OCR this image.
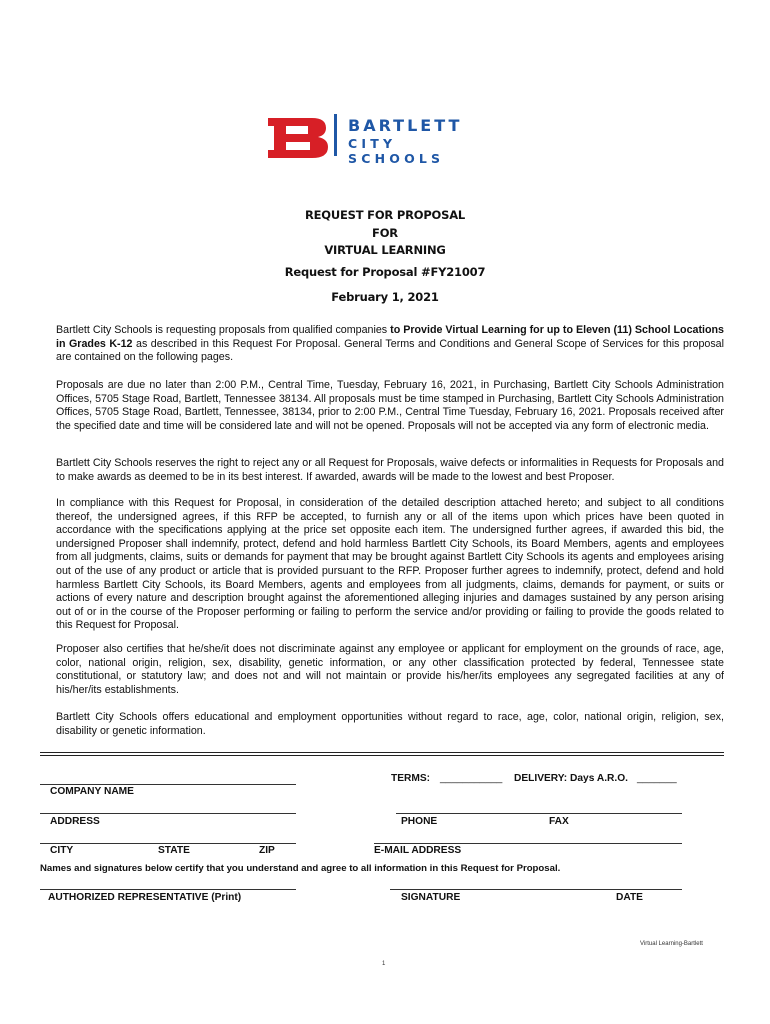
BARTLETT
CITY SCHOOLS
REQUEST FOR PROPOSAL
FOR
VIRTUAL LEARNING
Request for Proposal #FY21007
February 1, 2021
Bartlett City Schools is requesting proposals from qualified companies to Provide Virtual Learning for up to Eleven (11) School Locations in Grades K-12 as described in this Request For Proposal. General Terms and Conditions and General Scope of Services for this proposal are contained on the following pages.
Proposals are due no later than 2:00 P.M., Central Time, Tuesday, February 16, 2021, in Purchasing, Bartlett City Schools Administration Offices, 5705 Stage Road, Bartlett, Tennessee 38134. All proposals must be time stamped in Purchasing, Bartlett City Schools Administration Offices, 5705 Stage Road, Bartlett, Tennessee, 38134, prior to 2:00 P.M., Central Time Tuesday, February 16, 2021. Proposals received after the specified date and time will be considered late and will not be opened. Proposals will not be accepted via any form of electronic media.
Bartlett City Schools reserves the right to reject any or all Request for Proposals, waive defects or informalities in Requests for Proposals and to make awards as deemed to be in its best interest. If awarded, awards will be made to the lowest and best Proposer.
In compliance with this Request for Proposal, in consideration of the detailed description attached hereto; and subject to all conditions thereof, the undersigned agrees, if this RFP be accepted, to furnish any or all of the items upon which prices have been quoted in accordance with the specifications applying at the price set opposite each item. The undersigned further agrees, if awarded this bid, the undersigned Proposer shall indemnify, protect, defend and hold harmless Bartlett City Schools, its Board Members, agents and employees from all judgments, claims, suits or demands for payment that may be brought against Bartlett City Schools its agents and employees arising out of the use of any product or article that is provided pursuant to the RFP. Proposer further agrees to indemnify, protect, defend and hold harmless Bartlett City Schools, its Board Members, agents and employees from all judgments, claims, demands for payment, or suits or actions of every nature and description brought against the aforementioned alleging injuries and damages sustained by any person arising out of or in the course of the Proposer performing or failing to perform the service and/or providing or failing to provide the goods related to this Request for Proposal.
Proposer also certifies that he/she/it does not discriminate against any employee or applicant for employment on the grounds of race, age, color, national origin, religion, sex, disability, genetic information, or any other classification protected by federal, Tennessee state constitutional, or statutory law; and does not and will not maintain or provide his/her/its employees any segregated facilities at any of his/her/its establishments.
Bartlett City Schools offers educational and employment opportunities without regard to race, age, color, national origin, religion, sex, disability or genetic information.
TERMS: ___________ DELIVERY: Days A.R.O. _______
COMPANY NAME
ADDRESS	PHONE	FAX
CITY	STATE	ZIP	E-MAIL ADDRESS
Names and signatures below certify that you understand and agree to all information in this Request for Proposal.
AUTHORIZED REPRESENTATIVE (Print)	SIGNATURE	DATE
Virtual Learning-Bartlett
1
